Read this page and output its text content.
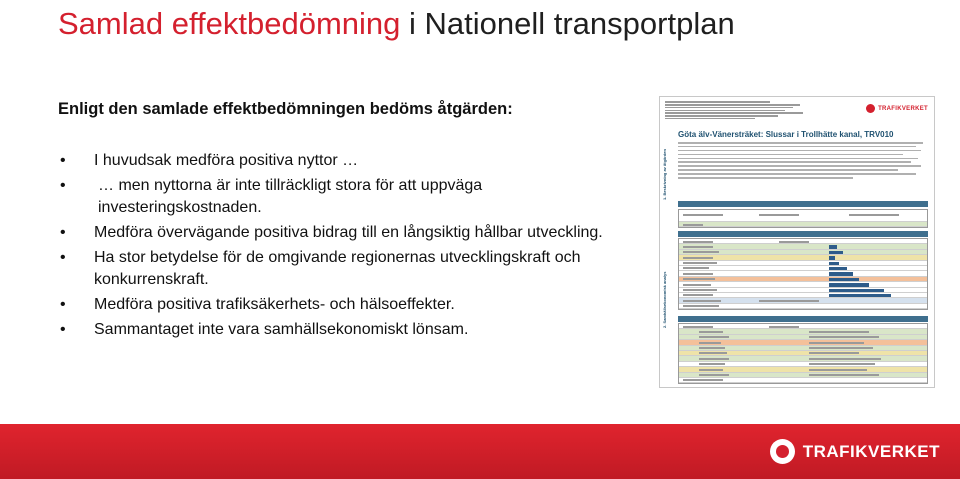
Samlad effektbedömning i Nationell transportplan
Enligt den samlade effektbedömningen bedöms åtgärden:
• I huvudsak medföra positiva nyttor …
• … men nyttorna är inte tillräckligt stora för att uppväga investeringskostnaden.
• Medföra övervägande positiva bidrag till en långsiktig hållbar utveckling.
• Ha stor betydelse för de omgivande regionernas utvecklingskraft och konkurrenskraft.
• Medföra positiva trafiksäkerhets- och hälsoeffekter.
• Sammantaget inte vara samhällsekonomiskt lönsam.
TRAFIKVERKET
Göta älv-Vänersträket: Slussar i Trollhätte kanal, TRV010
1. Beskrivning av åtgärden
2. Samhällsekonomisk analys
TRAFIKVERKET
